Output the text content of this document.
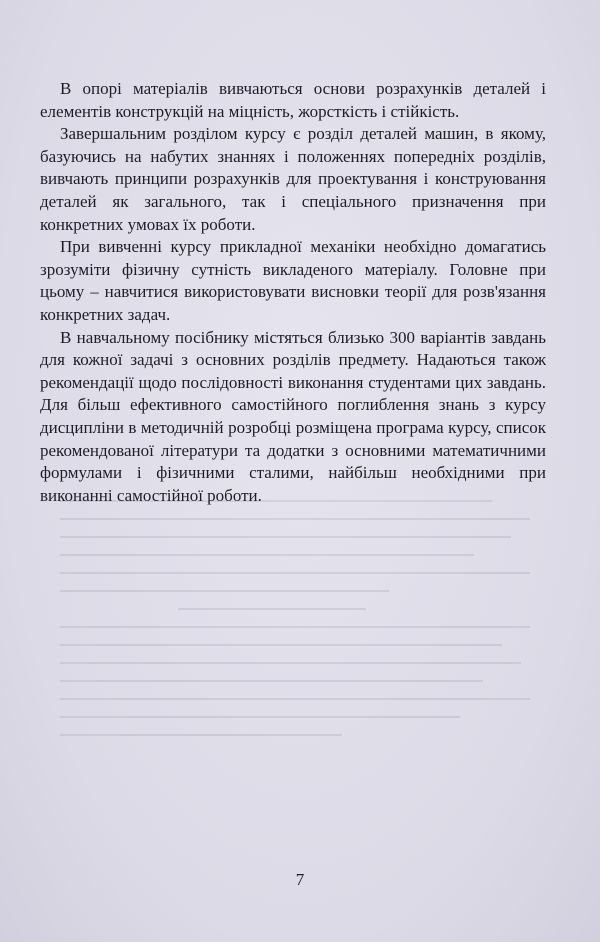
В опорі матеріалів вивчаються основи розрахунків деталей і елементів конструкцій на міцність, жорсткість і стійкість.

Завершальним розділом курсу є розділ деталей машин, в якому, базуючись на набутих знаннях і положеннях попередніх розділів, вивчають принципи розрахунків для проектування і конструювання деталей як загального, так і спеціального призначення при конкретних умовах їх роботи.

При вивченні курсу прикладної механіки необхідно домагатись зрозуміти фізичну сутність викладеного матеріалу. Головне при цьому – навчитися використовувати висновки теорії для розв'язання конкретних задач.

В навчальному посібнику містяться близько 300 варіантів завдань для кожної задачі з основних розділів предмету. Надаються також рекомендації щодо послідовності виконання студентами цих завдань. Для більш ефективного самостійного поглиблення знань з курсу дисципліни в методичній розробці розміщена програма курсу, список рекомендованої літератури та додатки з основними математичними формулами і фізичними сталими, найбільш необхідними при виконанні самостійної роботи.

7
